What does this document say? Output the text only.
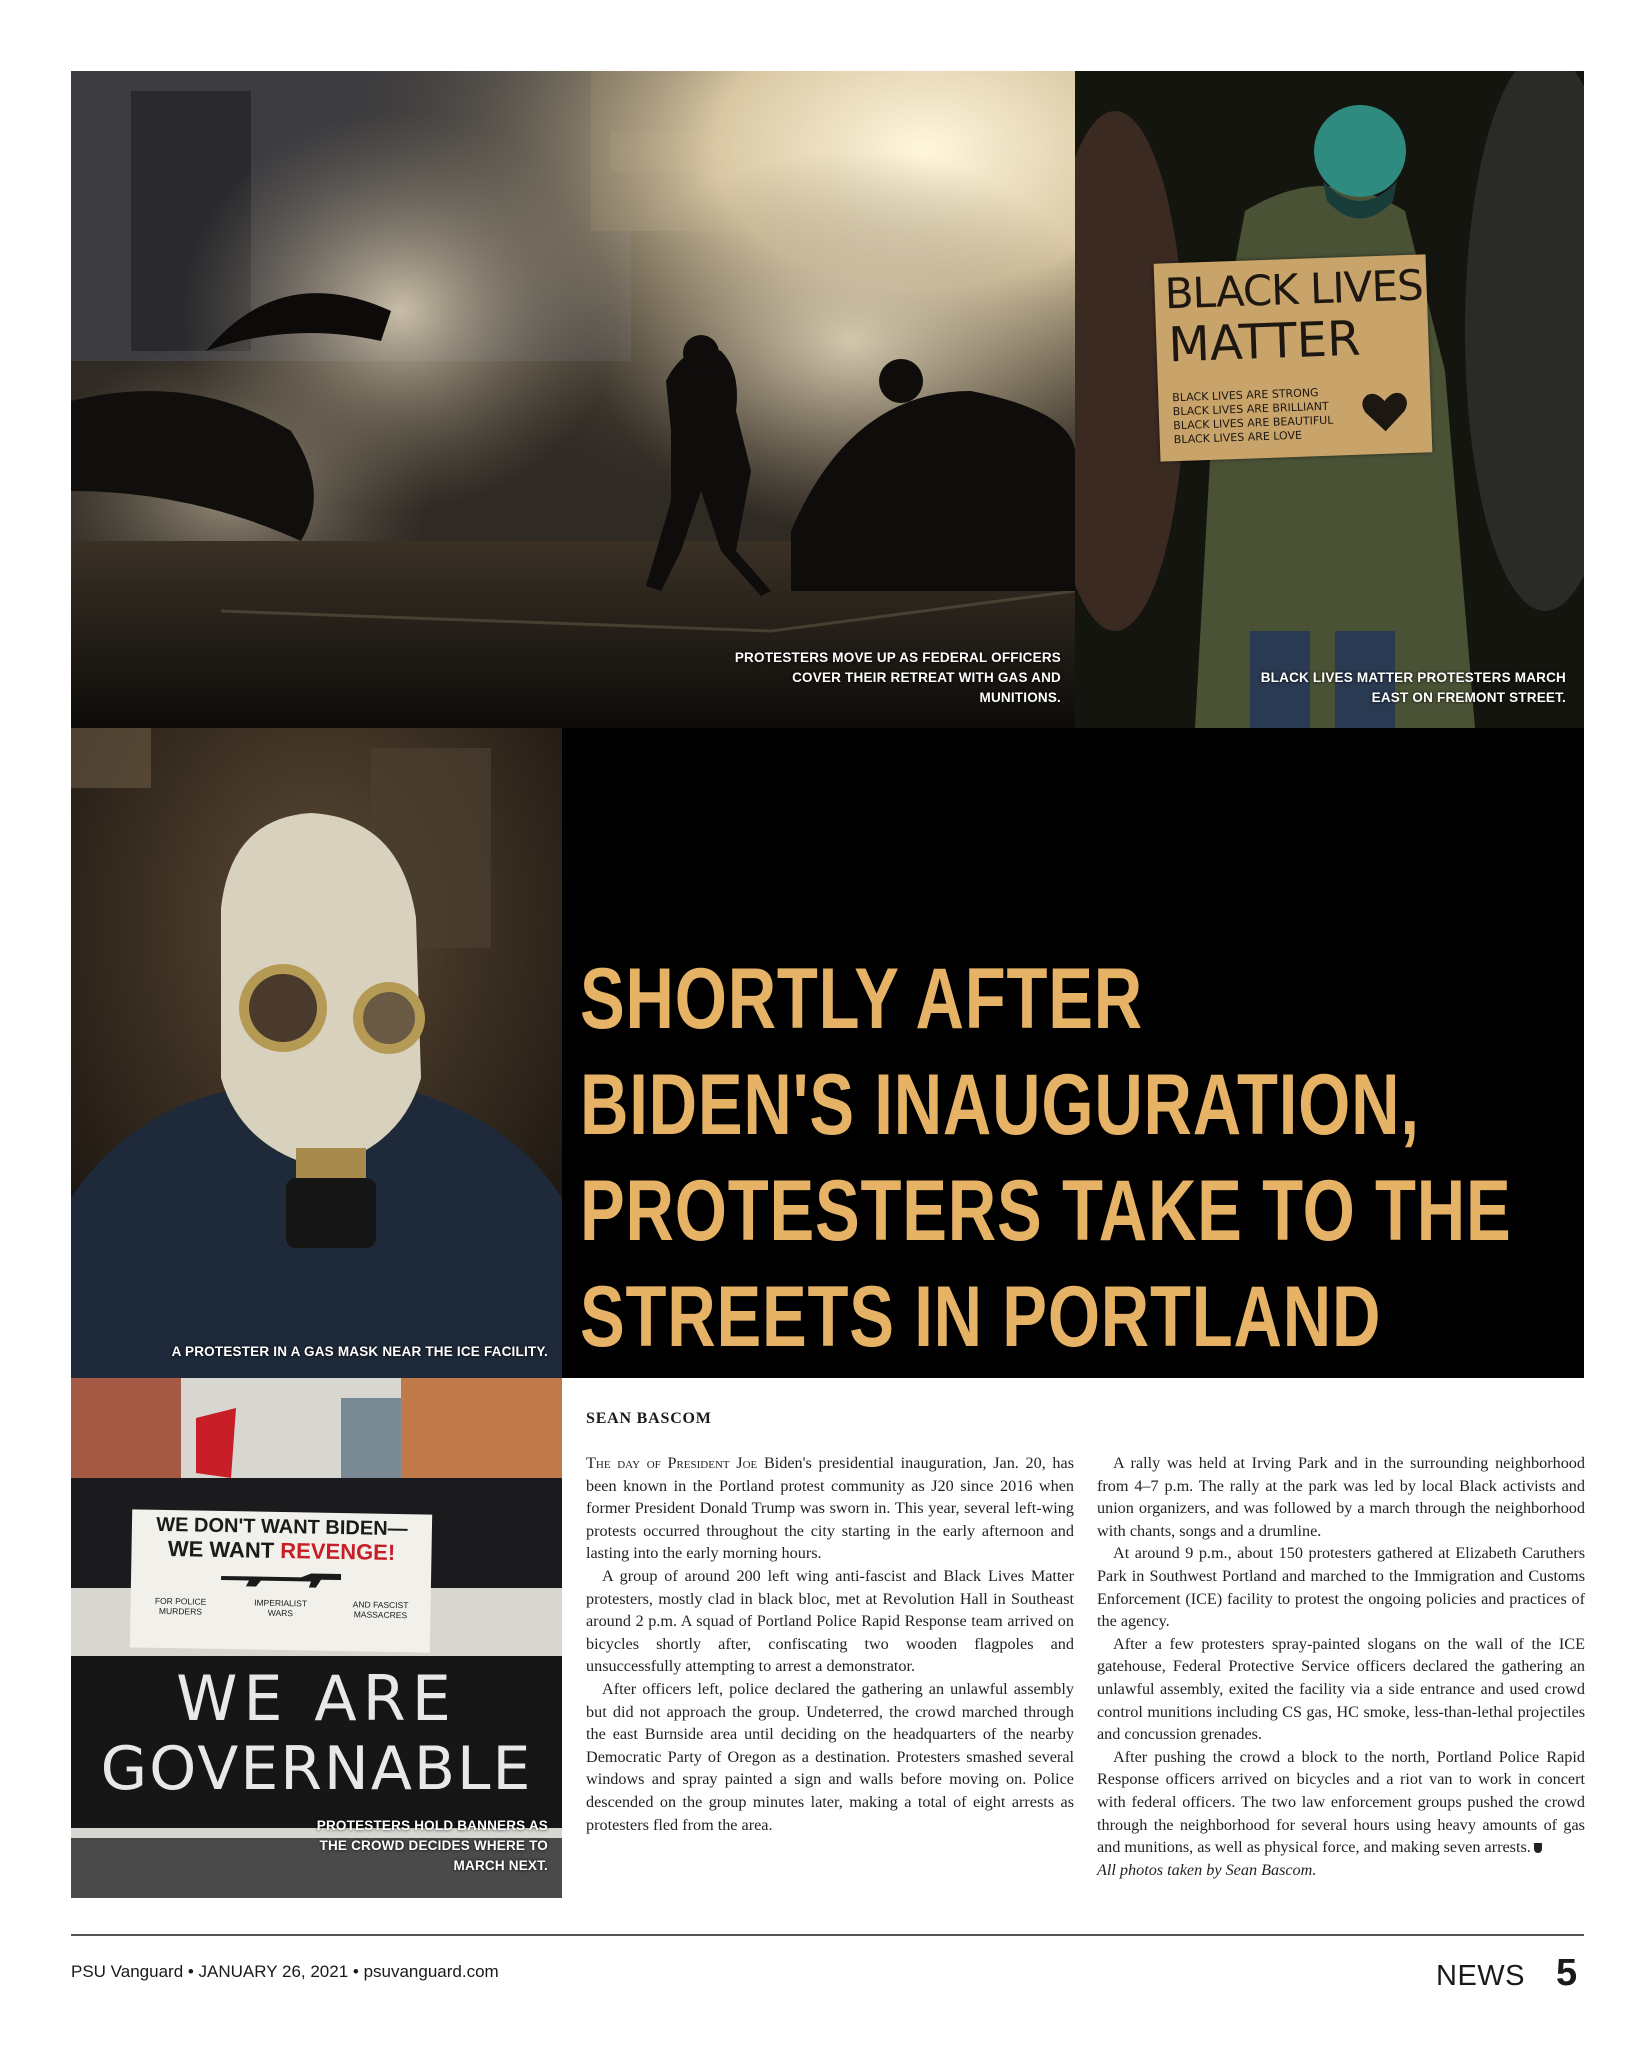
PROTESTERS MOVE UP AS FEDERAL OFFICERS COVER THEIR RETREAT WITH GAS AND MUNITIONS.
BLACK LIVES
MATTER
BLACK LIVES ARE STRONG
BLACK LIVES ARE BRILLIANT
BLACK LIVES ARE BEAUTIFUL
BLACK LIVES ARE LOVE
BLACK LIVES MATTER PROTESTERS MARCH EAST ON FREMONT STREET.
A PROTESTER IN A GAS MASK NEAR THE ICE FACILITY.
SHORTLY AFTER
BIDEN'S INAUGURATION,
PROTESTERS TAKE TO THE
STREETS IN PORTLAND
WE DON'T WANT BIDEN—
WE WANT REVENGE!
FOR POLICE MURDERS
IMPERIALIST WARS
AND FASCIST MASSACRES
WE ARE
GOVERNABLE
PROTESTERS HOLD BANNERS AS THE CROWD DECIDES WHERE TO MARCH NEXT.
SEAN BASCOM

The day of President Joe Biden's presidential inauguration, Jan. 20, has been known in the Portland protest community as J20 since 2016 when former President Donald Trump was sworn in. This year, several left-wing protests occurred throughout the city starting in the early afternoon and lasting into the early morning hours.

A group of around 200 left wing anti-fascist and Black Lives Matter protesters, mostly clad in black bloc, met at Revolution Hall in Southeast around 2 p.m. A squad of Portland Police Rapid Response team arrived on bicycles shortly after, confiscating two wooden flagpoles and unsuccessfully attempting to arrest a demonstrator.

After officers left, police declared the gathering an unlawful assembly but did not approach the group. Undeterred, the crowd marched through the east Burnside area until deciding on the headquarters of the nearby Democratic Party of Oregon as a destination. Protesters smashed several windows and spray painted a sign and walls before moving on. Police descended on the group minutes later, making a total of eight arrests as protesters fled from the area.

A rally was held at Irving Park and in the surrounding neighborhood from 4–7 p.m. The rally at the park was led by local Black activists and union organizers, and was followed by a march through the neighborhood with chants, songs and a drumline.

At around 9 p.m., about 150 protesters gathered at Elizabeth Caruthers Park in Southwest Portland and marched to the Immigration and Customs Enforcement (ICE) facility to protest the ongoing policies and practices of the agency.

After a few protesters spray-painted slogans on the wall of the ICE gatehouse, Federal Protective Service officers declared the gathering an unlawful assembly, exited the facility via a side entrance and used crowd control munitions including CS gas, HC smoke, less-than-lethal projectiles and concussion grenades.

After pushing the crowd a block to the north, Portland Police Rapid Response officers arrived on bicycles and a riot van to work in concert with federal officers. The two law enforcement groups pushed the crowd through the neighborhood for several hours using heavy amounts of gas and munitions, as well as physical force, and making seven arrests.

All photos taken by Sean Bascom.

PSU Vanguard • JANUARY 26, 2021 • psuvanguard.com	NEWS 5
